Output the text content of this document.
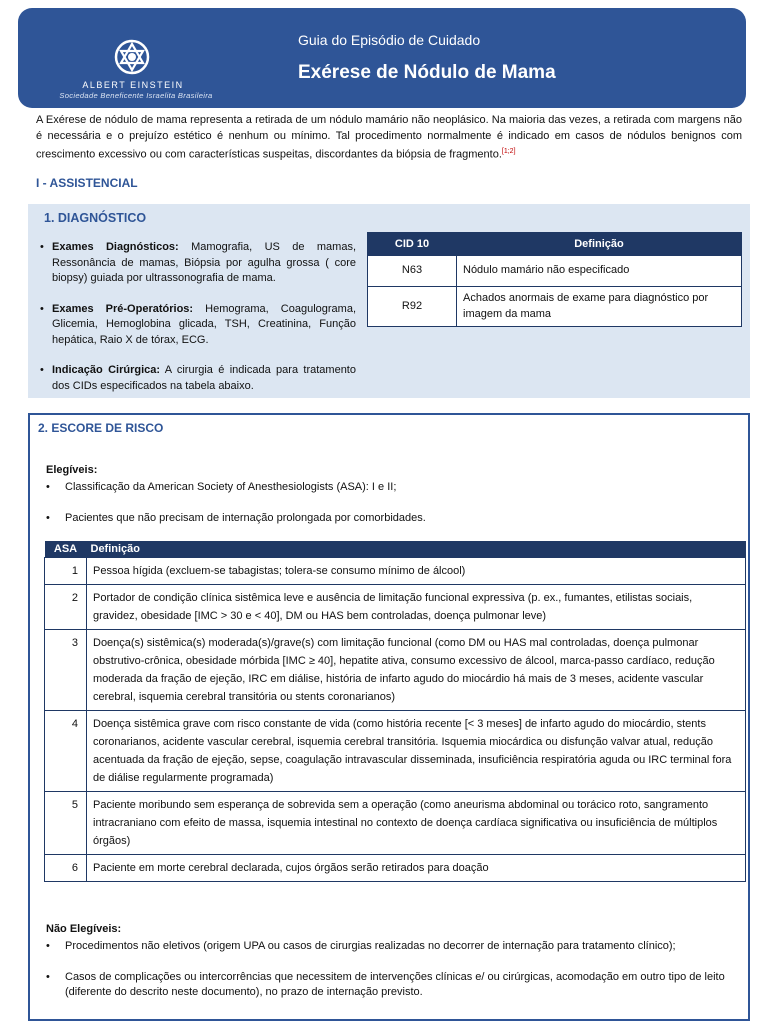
ALBERT EINSTEIN
Sociedade Beneficente Israelita Brasileira
Guia do Episódio de Cuidado
Exérese de Nódulo de Mama
A Exérese de nódulo de mama representa a retirada de um nódulo mamário não neoplásico. Na maioria das vezes, a retirada com margens não é necessária e o prejuízo estético é nenhum ou mínimo. Tal procedimento normalmente é indicado em casos de nódulos benignos com crescimento excessivo ou com características suspeitas, discordantes da biópsia de fragmento.[1;2]
I - ASSISTENCIAL
1. DIAGNÓSTICO
• Exames Diagnósticos: Mamografia, US de mamas, Ressonância de mamas, Biópsia por agulha grossa ( core biopsy) guiada por ultrassonografia de mama.
• Exames Pré-Operatórios: Hemograma, Coagulograma, Glicemia, Hemoglobina glicada, TSH, Creatinina, Função hepática, Raio X de tórax, ECG.
• Indicação Cirúrgica: A cirurgia é indicada para tratamento dos CIDs especificados na tabela abaixo.
CID 10	Definição
N63	Nódulo mamário não especificado
R92	Achados anormais de exame para diagnóstico por imagem da mama
2. ESCORE DE RISCO
Elegíveis:
• Classificação da American Society of Anesthesiologists (ASA): I e II;
• Pacientes que não precisam de internação prolongada por comorbidades.
ASA	Definição
1	Pessoa hígida (excluem-se tabagistas; tolera-se consumo mínimo de álcool)
2	Portador de condição clínica sistêmica leve e ausência de limitação funcional expressiva (p. ex., fumantes, etilistas sociais, gravidez, obesidade [IMC > 30 e < 40], DM ou HAS bem controladas, doença pulmonar leve)
3	Doença(s) sistêmica(s) moderada(s)/grave(s) com limitação funcional (como DM ou HAS mal controladas, doença pulmonar obstrutivo-crônica, obesidade mórbida [IMC ≥ 40], hepatite ativa, consumo excessivo de álcool, marca-passo cardíaco, redução moderada da fração de ejeção, IRC em diálise, história de infarto agudo do miocárdio há mais de 3 meses, acidente vascular cerebral, isquemia cerebral transitória ou stents coronarianos)
4	Doença sistêmica grave com risco constante de vida (como história recente [< 3 meses] de infarto agudo do miocárdio, stents coronarianos, acidente vascular cerebral, isquemia cerebral transitória. Isquemia miocárdica ou disfunção valvar atual, redução acentuada da fração de ejeção, sepse, coagulação intravascular disseminada, insuficiência respiratória aguda ou IRC terminal fora de diálise regularmente programada)
5	Paciente moribundo sem esperança de sobrevida sem a operação (como aneurisma abdominal ou torácico roto, sangramento intracraniano com efeito de massa, isquemia intestinal no contexto de doença cardíaca significativa ou insuficiência de múltiplos órgãos)
6	Paciente em morte cerebral declarada, cujos órgãos serão retirados para doação
Não Elegíveis:
• Procedimentos não eletivos (origem UPA ou casos de cirurgias realizadas no decorrer de internação para tratamento clínico);
• Casos de complicações ou intercorrências que necessitem de intervenções clínicas e/ ou cirúrgicas, acomodação em outro tipo de leito (diferente do descrito neste documento), no prazo de internação previsto.
